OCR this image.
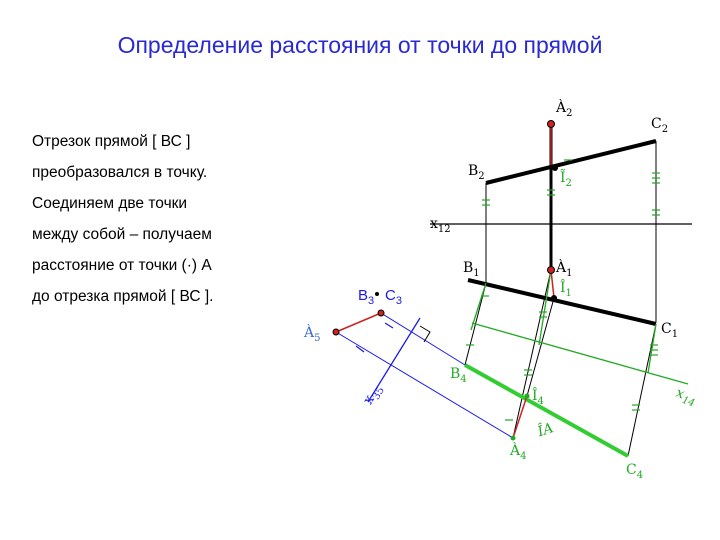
Определение расстояния от точки до прямой
Отрезок прямой [ ВС ]
преобразовался в точку.
Соединяем две точки
между собой – получаем
расстояние от точки (·) А
до отрезка прямой [ ВС ].
$À_2$
$C_2$
$B_2$	$Ĩ_2$
$x_{12}$
$B_1$	$À_1$
$Î_1$
$C_1$
$B_3$ $C_3$
$À_5$
$x_{35}$
$B_4$
$Î_4$
ÎA
$x_{14}$
$À_4$
$C_4$
